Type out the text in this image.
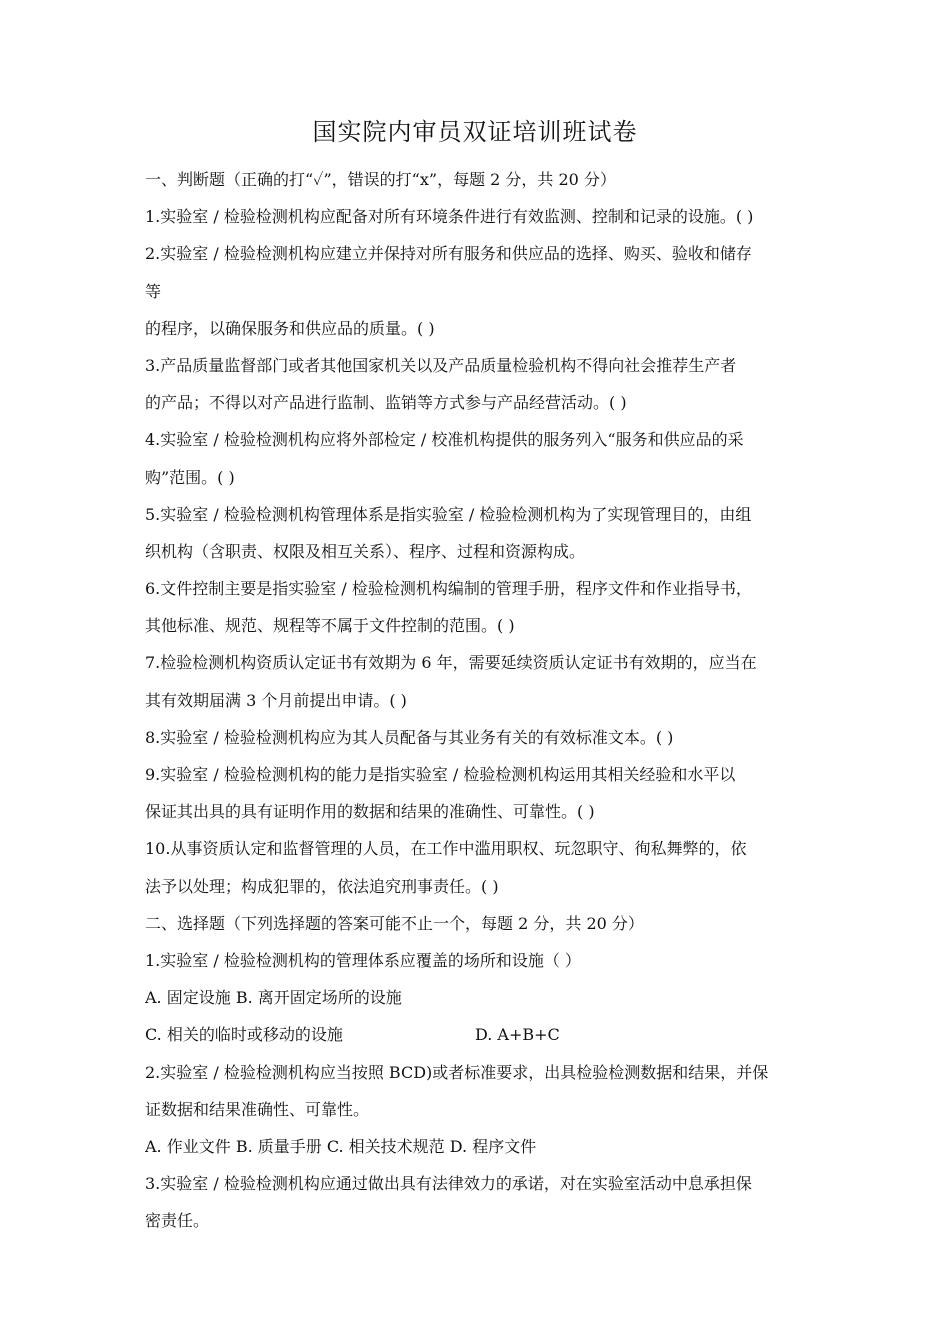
国实院内审员双证培训班试卷
一、判断题（正确的打“✓”，错误的打“x”，每题 2 分，共 20 分）
1.实验室 / 检验检测机构应配备对所有环境条件进行有效监测、控制和记录的设施。( )
2.实验室 / 检验检测机构应建立并保持对所有服务和供应品的选择、购买、验收和储存
等
的程序，以确保服务和供应品的质量。( )
3.产品质量监督部门或者其他国家机关以及产品质量检验机构不得向社会推荐生产者
的产品；不得以对产品进行监制、监销等方式参与产品经营活动。( )
4.实验室 / 检验检测机构应将外部检定 / 校准机构提供的服务列入“服务和供应品的采
购”范围。( )
5.实验室 / 检验检测机构管理体系是指实验室 / 检验检测机构为了实现管理目的，由组
织机构（含职责、权限及相互关系）、程序、过程和资源构成。
6.文件控制主要是指实验室 / 检验检测机构编制的管理手册，程序文件和作业指导书，
其他标准、规范、规程等不属于文件控制的范围。( )
7.检验检测机构资质认定证书有效期为 6 年，需要延续资质认定证书有效期的，应当在
其有效期届满 3 个月前提出申请。( )
8.实验室 / 检验检测机构应为其人员配备与其业务有关的有效标准文本。( )
9.实验室 / 检验检测机构的能力是指实验室 / 检验检测机构运用其相关经验和水平以
保证其出具的具有证明作用的数据和结果的准确性、可靠性。( )
10.从事资质认定和监督管理的人员，在工作中滥用职权、玩忽职守、徇私舞弊的，依
法予以处理；构成犯罪的，依法追究刑事责任。( )
二、选择题（下列选择题的答案可能不止一个，每题 2 分，共 20 分）
1.实验室 / 检验检测机构的管理体系应覆盖的场所和设施（ ）
A. 固定设施 B. 离开固定场所的设施
C. 相关的临时或移动的设施	D. A+B+C
2.实验室 / 检验检测机构应当按照 BCD)或者标准要求，出具检验检测数据和结果，并保
证数据和结果准确性、可靠性。
A. 作业文件 B. 质量手册 C. 相关技术规范 D. 程序文件
3.实验室 / 检验检测机构应通过做出具有法律效力的承诺，对在实验室活动中息承担保
密责任。
